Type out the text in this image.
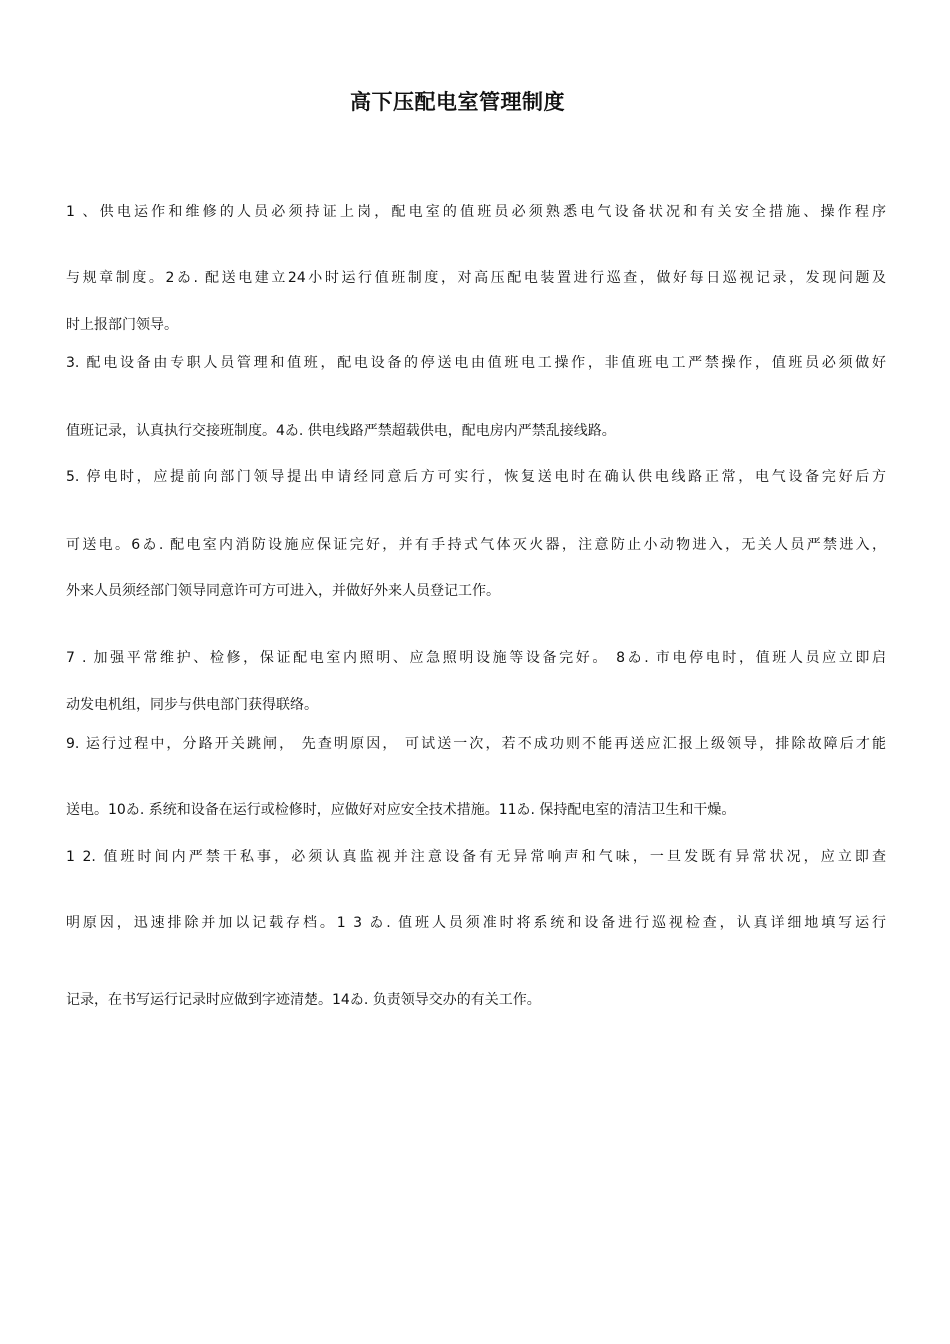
高下压配电室管理制度
1 、供电运作和维修的人员必须持证上岗，配电室的值班员必须熟悉电气设备状况和有关安全措施、操作程序
与规章制度。2ゐ. 配送电建立24小时运行值班制度，对高压配电装置进行巡查，做好每日巡视记录，发现问题及
时上报部门领导。
3. 配电设备由专职人员管理和值班，配电设备的停送电由值班电工操作，非值班电工严禁操作，值班员必须做好
值班记录，认真执行交接班制度。4ゐ. 供电线路严禁超载供电，配电房内严禁乱接线路。
5. 停电时，应提前向部门领导提出申请经同意后方可实行，恢复送电时在确认供电线路正常，电气设备完好后方
可送电。6ゐ. 配电室内消防设施应保证完好，并有手持式气体灭火器，注意防止小动物进入，无关人员严禁进入，
外来人员须经部门领导同意许可方可进入，并做好外来人员登记工作。
7 . 加强平常维护、检修，保证配电室内照明、应急照明设施等设备完好。 8ゐ. 市电停电时，值班人员应立即启
动发电机组，同步与供电部门获得联络。
9. 运行过程中，分路开关跳闸， 先查明原因， 可试送一次，若不成功则不能再送应汇报上级领导，排除故障后才能
送电。10ゐ. 系统和设备在运行或检修时，应做好对应安全技术措施。11ゐ. 保持配电室的清洁卫生和干燥。
1 2. 值班时间内严禁干私事，必须认真监视并注意设备有无异常响声和气味，一旦发既有异常状况，应立即查
明原因，迅速排除并加以记载存档。1 3 ゐ. 值班人员须准时将系统和设备进行巡视检查，认真详细地填写运行
记录，在书写运行记录时应做到字迹清楚。14ゐ. 负责领导交办的有关工作。
